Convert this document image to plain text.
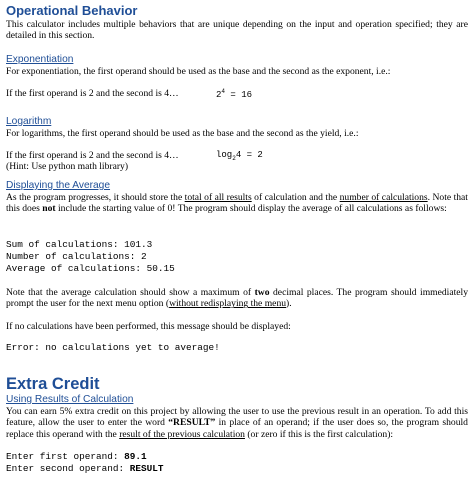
Operational Behavior
This calculator includes multiple behaviors that are unique depending on the input and operation specified; they are detailed in this section.
Exponentiation
For exponentiation, the first operand should be used as the base and the second as the exponent, i.e.:
If the first operand is 2 and the second is 4…	$2^4 = 16$
Logarithm
For logarithms, the first operand should be used as the base and the second as the yield, i.e.:
If the first operand is 2 and the second is 4…	$\log_24 = 2$
(Hint: Use python math library)
Displaying the Average
As the program progresses, it should store the total of all results of calculation and the number of calculations. Note that this does not include the starting value of 0! The program should display the average of all calculations as follows:
Sum of calculations: 101.3
Number of calculations: 2
Average of calculations: 50.15
Note that the average calculation should show a maximum of two decimal places. The program should immediately prompt the user for the next menu option (without redisplaying the menu).
If no calculations have been performed, this message should be displayed:
Error: no calculations yet to average!
Extra Credit
Using Results of Calculation
You can earn 5% extra credit on this project by allowing the user to use the previous result in an operation. To add this feature, allow the user to enter the word “RESULT” in place of an operand; if the user does so, the program should replace this operand with the result of the previous calculation (or zero if this is the first calculation):
Enter first operand: 89.1
Enter second operand: RESULT
